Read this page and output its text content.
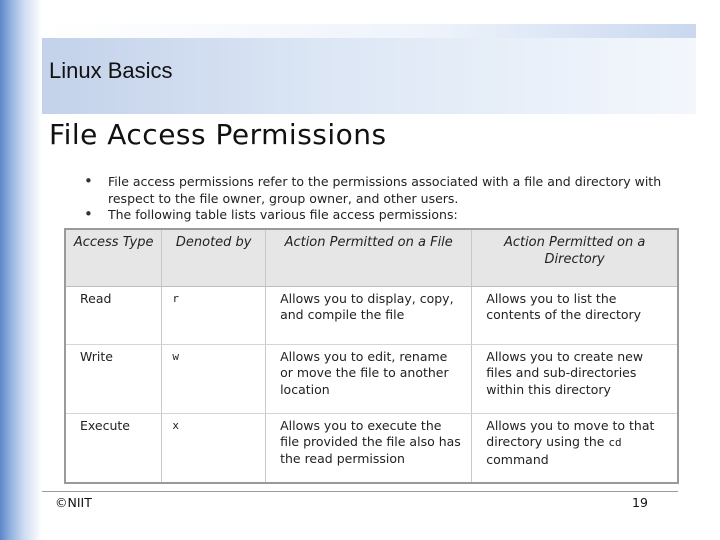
Linux Basics
File Access Permissions
• File access permissions refer to the permissions associated with a file and directory with respect to the file owner, group owner, and other users.
• The following table lists various file access permissions:
Access Type	Denoted by	Action Permitted on a File	Action Permitted on a Directory
Read	r	Allows you to display, copy, and compile the file	Allows you to list the contents of the directory
Write	w	Allows you to edit, rename or move the file to another location	Allows you to create new files and sub-directories within this directory
Execute	x	Allows you to execute the file provided the file also has the read permission	Allows you to move to that directory using the cd command
©NIIT	19
